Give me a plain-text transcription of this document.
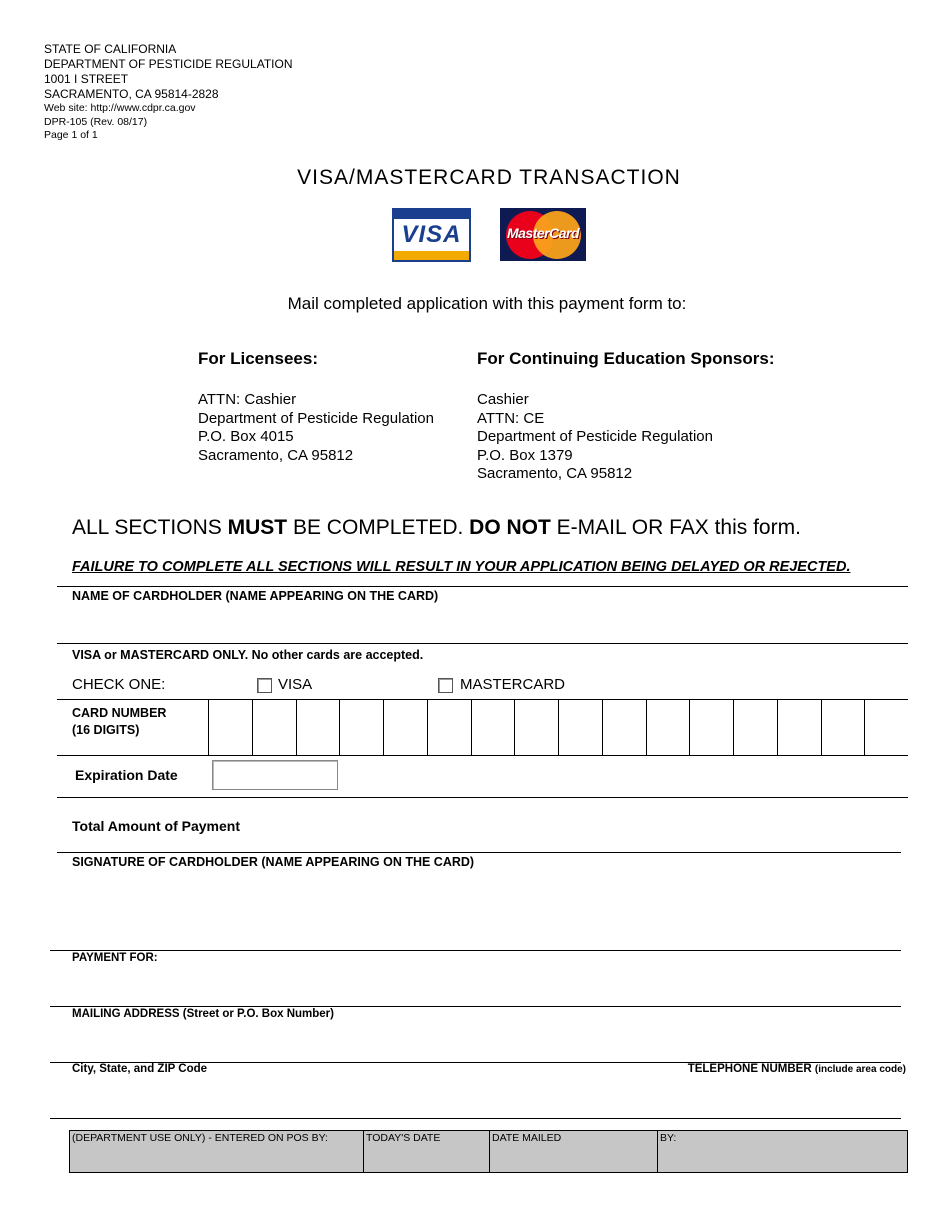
STATE OF CALIFORNIA
DEPARTMENT OF PESTICIDE REGULATION
1001 I STREET
SACRAMENTO, CA 95814-2828
Web site: http://www.cdpr.ca.gov
DPR-105 (Rev. 08/17)
Page 1 of 1
VISA/MASTERCARD TRANSACTION
VISA	MasterCard
Mail completed application with this payment form to:
For Licensees:
ATTN: Cashier
Department of Pesticide Regulation
P.O. Box 4015
Sacramento, CA 95812
For Continuing Education Sponsors:
Cashier
ATTN: CE
Department of Pesticide Regulation
P.O. Box 1379
Sacramento, CA 95812
ALL SECTIONS MUST BE COMPLETED. DO NOT E-MAIL OR FAX this form.
FAILURE TO COMPLETE ALL SECTIONS WILL RESULT IN YOUR APPLICATION BEING DELAYED OR REJECTED.
NAME OF CARDHOLDER (NAME APPEARING ON THE CARD)
VISA or MASTERCARD ONLY. No other cards are accepted.
CHECK ONE:	VISA	MASTERCARD
CARD NUMBER
(16 DIGITS)
Expiration Date
Total Amount of Payment
SIGNATURE OF CARDHOLDER (NAME APPEARING ON THE CARD)
PAYMENT FOR:
MAILING ADDRESS (Street or P.O. Box Number)
City, State, and ZIP Code	TELEPHONE NUMBER (include area code)
(DEPARTMENT USE ONLY) - ENTERED ON POS BY:	TODAY'S DATE	DATE MAILED	BY:
